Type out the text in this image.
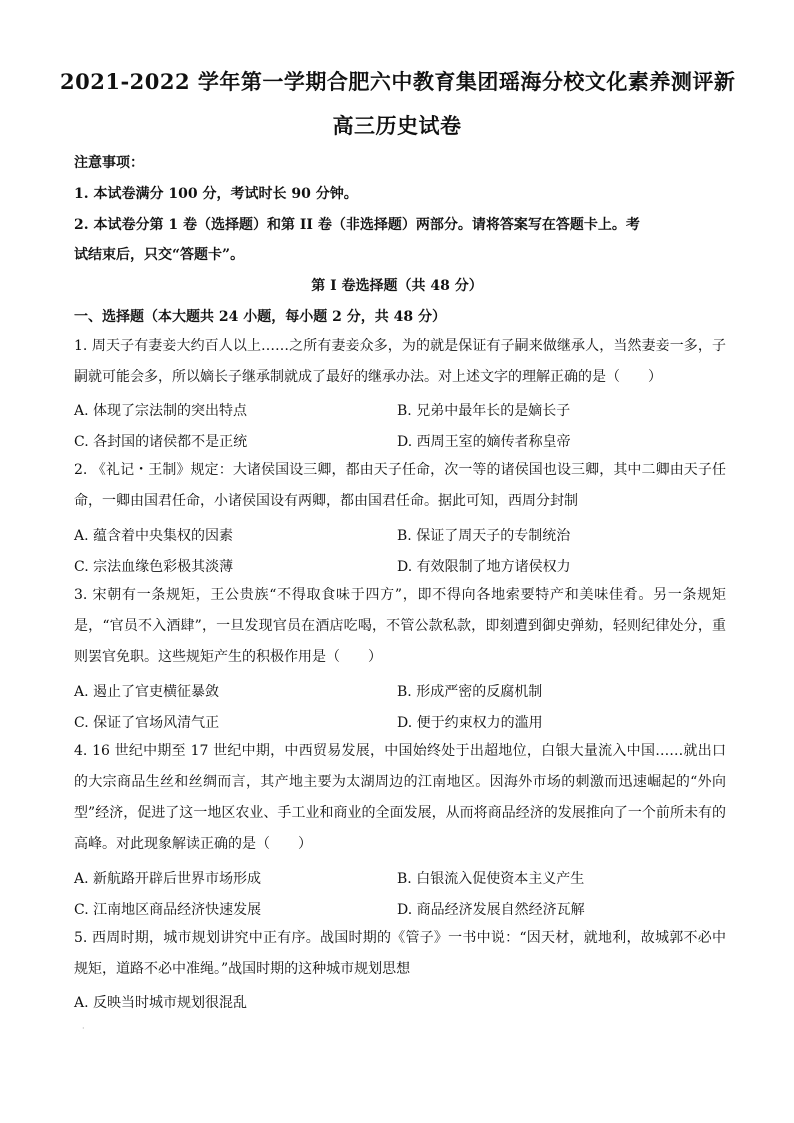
2021-2022 学年第一学期合肥六中教育集团瑶海分校文化素养测评新
高三历史试卷
注意事项：
1. 本试卷满分 100 分，考试时长 90 分钟。
2. 本试卷分第 1 卷（选择题）和第 II 卷（非选择题）两部分。请将答案写在答题卡上。考
试结束后，只交“答题卡”。
第 I 卷选择题（共 48 分）
一、选择题（本大题共 24 小题，每小题 2 分，共 48 分）
1. 周天子有妻妾大约百人以上……之所有妻妾众多，为的就是保证有子嗣来做继承人，当然妻妾一多，子嗣就可能会多，所以嫡长子继承制就成了最好的继承办法。对上述文字的理解正确的是（　　）
A. 体现了宗法制的突出特点	B. 兄弟中最年长的是嫡长子
C. 各封国的诸侯都不是正统	D. 西周王室的嫡传者称皇帝
2. 《礼记・王制》规定：大诸侯国设三卿，都由天子任命，次一等的诸侯国也设三卿，其中二卿由天子任命，一卿由国君任命，小诸侯国设有两卿，都由国君任命。据此可知，西周分封制
A. 蕴含着中央集权的因素	B. 保证了周天子的专制统治
C. 宗法血缘色彩极其淡薄	D. 有效限制了地方诸侯权力
3. 宋朝有一条规矩，王公贵族“不得取食味于四方”，即不得向各地索要特产和美味佳肴。另一条规矩是，“官员不入酒肆”，一旦发现官员在酒店吃喝，不管公款私款，即刻遭到御史弹劾，轻则纪律处分，重则罢官免职。这些规矩产生的积极作用是（　　）
A. 遏止了官吏横征暴敛	B. 形成严密的反腐机制
C. 保证了官场风清气正	D. 便于约束权力的滥用
4. 16 世纪中期至 17 世纪中期，中西贸易发展，中国始终处于出超地位，白银大量流入中国……就出口的大宗商品生丝和丝绸而言，其产地主要为太湖周边的江南地区。因海外市场的刺激而迅速崛起的“外向型”经济，促进了这一地区农业、手工业和商业的全面发展，从而将商品经济的发展推向了一个前所未有的高峰。对此现象解读正确的是（　　）
A. 新航路开辟后世界市场形成	B. 白银流入促使资本主义产生
C. 江南地区商品经济快速发展	D. 商品经济发展自然经济瓦解
5. 西周时期，城市规划讲究中正有序。战国时期的《管子》一书中说：“因天材，就地利，故城郭不必中规矩，道路不必中准绳。”战国时期的这种城市规划思想
A. 反映当时城市规划很混乱
·
